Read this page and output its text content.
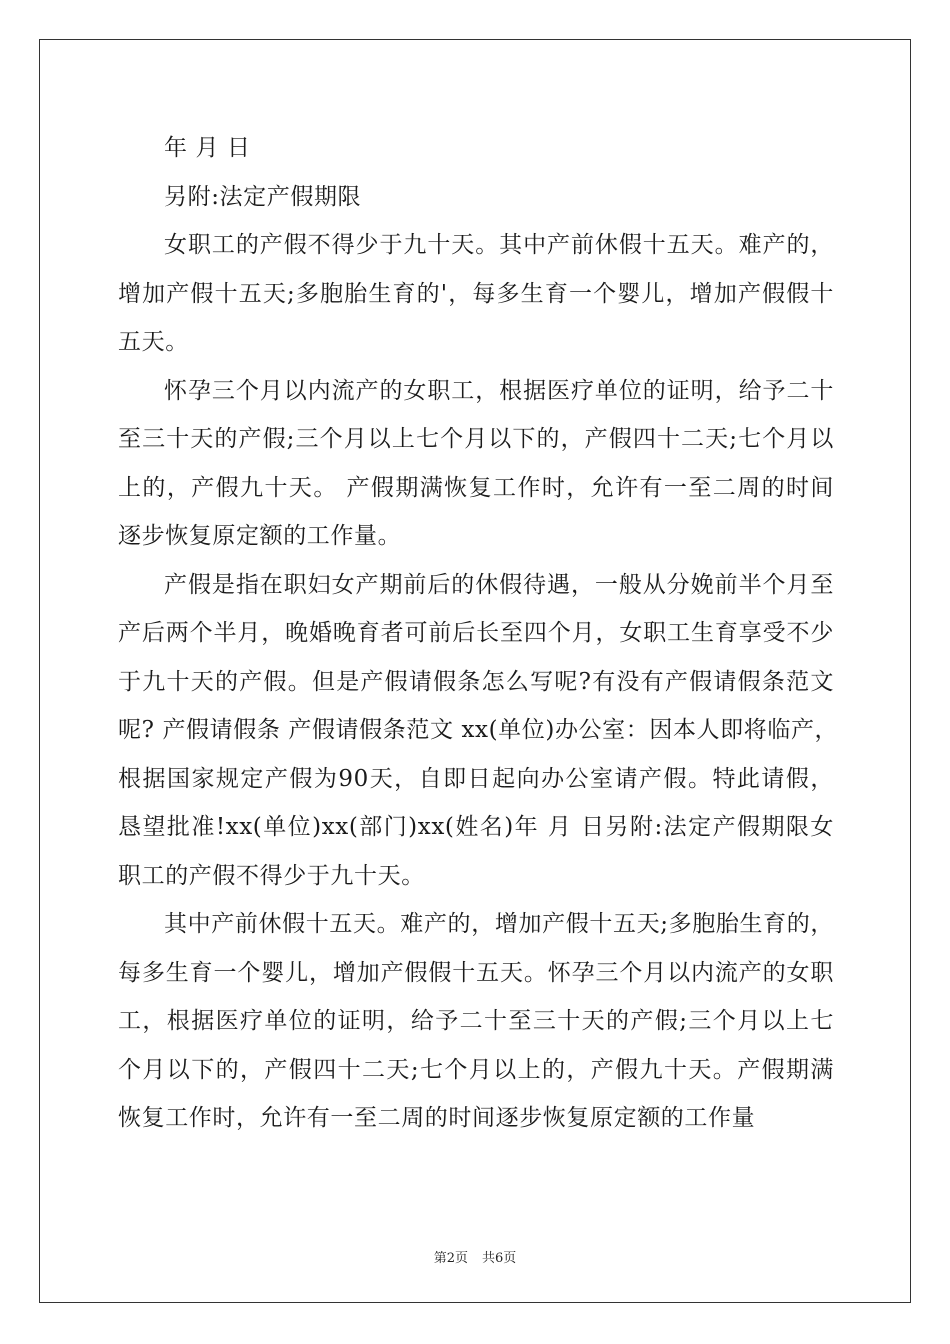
年 月 日
另附:法定产假期限
女职工的产假不得少于九十天。其中产前休假十五天。难产的，
增加产假十五天;多胞胎生育的'，每多生育一个婴儿，增加产假假十
五天。
怀孕三个月以内流产的女职工，根据医疗单位的证明，给予二十
至三十天的产假;三个月以上七个月以下的，产假四十二天;七个月以
上的，产假九十天。 产假期满恢复工作时，允许有一至二周的时间
逐步恢复原定额的工作量。
产假是指在职妇女产期前后的休假待遇，一般从分娩前半个月至
产后两个半月，晚婚晚育者可前后长至四个月，女职工生育享受不少
于九十天的产假。但是产假请假条怎么写呢?有没有产假请假条范文
呢? 产假请假条 产假请假条范文 xx(单位)办公室：因本人即将临产，
根据国家规定产假为90天，自即日起向办公室请产假。特此请假，
恳望批准!xx(单位)xx(部门)xx(姓名)年 月 日另附:法定产假期限女
职工的产假不得少于九十天。
其中产前休假十五天。难产的，增加产假十五天;多胞胎生育的，
每多生育一个婴儿，增加产假假十五天。怀孕三个月以内流产的女职
工，根据医疗单位的证明，给予二十至三十天的产假;三个月以上七
个月以下的，产假四十二天;七个月以上的，产假九十天。产假期满
恢复工作时，允许有一至二周的时间逐步恢复原定额的工作量
第2页 共6页
